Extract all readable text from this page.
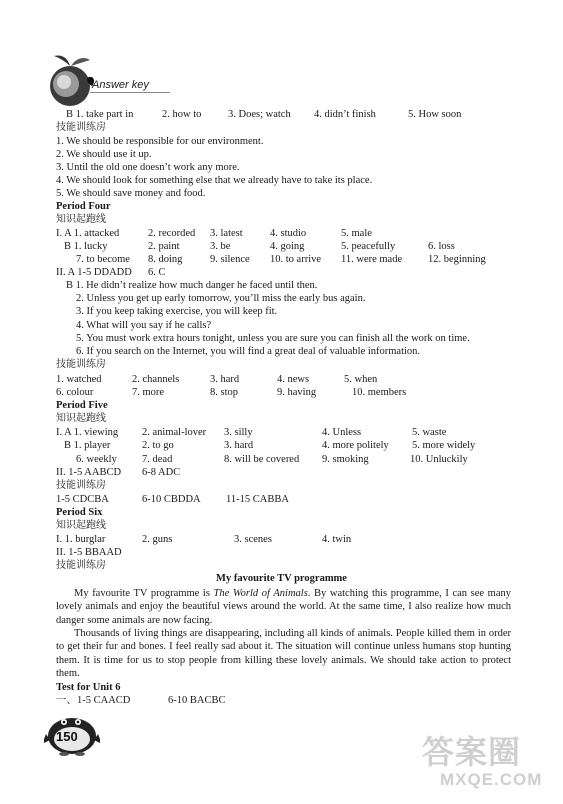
Answer key
B 1. take part in	2. how to	3. Does; watch 4. didn’t finish	5. How soon
技能训练房
1. We should be responsible for our environment.
2. We should use it up.
3. Until the old one doesn’t work any more.
4. We should look for something else that we already have to take its place.
5. We should save money and food.
Period Four
知识起跑线
I. A 1. attacked	2. recorded 3. latest	4. studio	5. male
B 1. lucky	2. paint	3. be	4. going	5. peacefully	6. loss
7. to become 8. doing	9. silence 10. to arrive 11. were made 12. beginning
II. A 1-5 DDADD 6. C
B 1. He didn’t realize how much danger he faced until then.
2. Unless you get up early tomorrow, you’ll miss the early bus again.
3. If you keep taking exercise, you will keep fit.
4. What will you say if he calls?
5. You must work extra hours tonight, unless you are sure you can finish all the work on time.
6. If you search on the Internet, you will find a great deal of valuable information.
技能训练房
1. watched	2. channels	3. hard	4. news	5. when
6. colour	7. more	8. stop	9. having	10. members
Period Five
知识起跑线
I. A 1. viewing 2. animal-lover 3. silly	4. Unless	5. waste
B 1. player	2. to go	3. hard	4. more politely 5. more widely
6. weekly 7. dead	8. will be covered 9. smoking	10. Unluckily
II. 1-5 AABCD 6-8 ADC
技能训练房
1-5 CDCBA	6-10 CBDDA 11-15 CABBA
Period Six
知识起跑线
I. 1. burglar	2. guns	3. scenes	4. twin
II. 1-5 BBAAD
技能训练房
My favourite TV programme
My favourite TV programme is The World of Animals. By watching this programme, I can see many lovely animals and enjoy the beautiful views around the world. At the same time, I also realize how much danger some animals are now facing.
Thousands of living things are disappearing, including all kinds of animals. People killed them in order to get their fur and bones. I feel really sad about it. The situation will continue unless humans stop hunting them. It is time for us to stop people from killing these lovely animals. We should take action to protect them.
Test for Unit 6
一、1-5 CAACD	6-10 BACBC
150	答案圈
MXQE.COM
